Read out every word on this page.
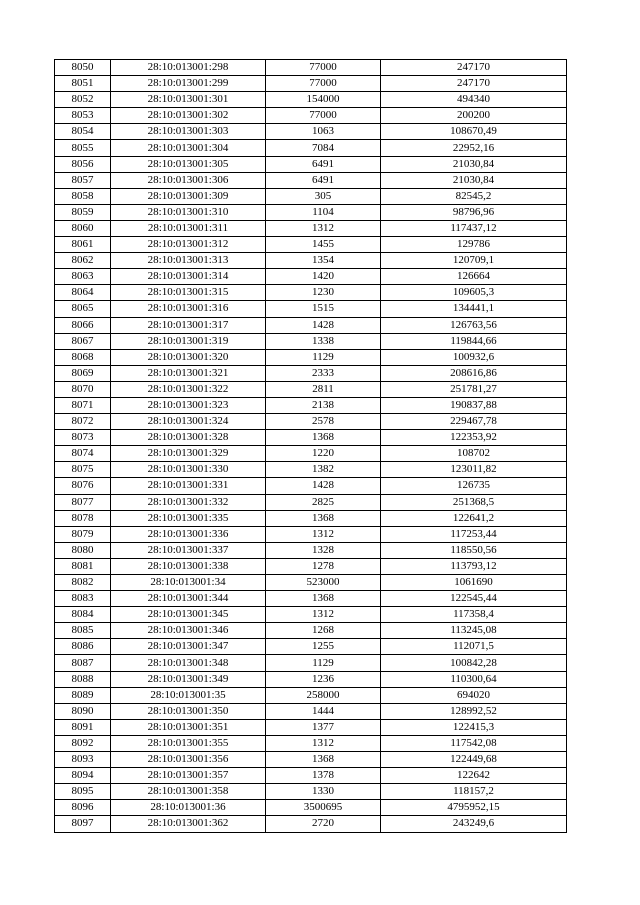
8050	28:10:013001:298	77000	247170
8051	28:10:013001:299	77000	247170
8052	28:10:013001:301	154000	494340
8053	28:10:013001:302	77000	200200
8054	28:10:013001:303	1063	108670,49
8055	28:10:013001:304	7084	22952,16
8056	28:10:013001:305	6491	21030,84
8057	28:10:013001:306	6491	21030,84
8058	28:10:013001:309	305	82545,2
8059	28:10:013001:310	1104	98796,96
8060	28:10:013001:311	1312	117437,12
8061	28:10:013001:312	1455	129786
8062	28:10:013001:313	1354	120709,1
8063	28:10:013001:314	1420	126664
8064	28:10:013001:315	1230	109605,3
8065	28:10:013001:316	1515	134441,1
8066	28:10:013001:317	1428	126763,56
8067	28:10:013001:319	1338	119844,66
8068	28:10:013001:320	1129	100932,6
8069	28:10:013001:321	2333	208616,86
8070	28:10:013001:322	2811	251781,27
8071	28:10:013001:323	2138	190837,88
8072	28:10:013001:324	2578	229467,78
8073	28:10:013001:328	1368	122353,92
8074	28:10:013001:329	1220	108702
8075	28:10:013001:330	1382	123011,82
8076	28:10:013001:331	1428	126735
8077	28:10:013001:332	2825	251368,5
8078	28:10:013001:335	1368	122641,2
8079	28:10:013001:336	1312	117253,44
8080	28:10:013001:337	1328	118550,56
8081	28:10:013001:338	1278	113793,12
8082	28:10:013001:34	523000	1061690
8083	28:10:013001:344	1368	122545,44
8084	28:10:013001:345	1312	117358,4
8085	28:10:013001:346	1268	113245,08
8086	28:10:013001:347	1255	112071,5
8087	28:10:013001:348	1129	100842,28
8088	28:10:013001:349	1236	110300,64
8089	28:10:013001:35	258000	694020
8090	28:10:013001:350	1444	128992,52
8091	28:10:013001:351	1377	122415,3
8092	28:10:013001:355	1312	117542,08
8093	28:10:013001:356	1368	122449,68
8094	28:10:013001:357	1378	122642
8095	28:10:013001:358	1330	118157,2
8096	28:10:013001:36	3500695	4795952,15
8097	28:10:013001:362	2720	243249,6
